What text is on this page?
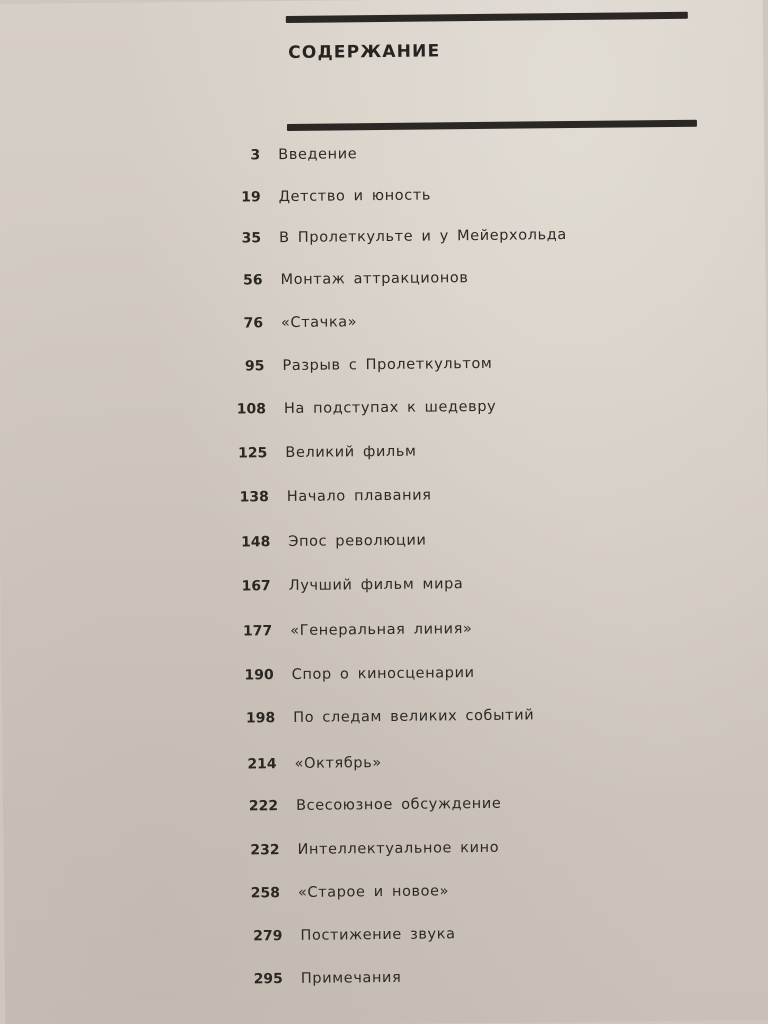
СОДЕРЖАНИЕ
3 Введение
19 Детство и юность
35 В Пролеткульте и у Мейерхольда
56 Монтаж аттракционов
76 «Стачка»
95 Разрыв с Пролеткультом
108 На подступах к шедевру
125 Великий фильм
138 Начало плавания
148 Эпос революции
167 Лучший фильм мира
177 «Генеральная линия»
190 Спор о киносценарии
198 По следам великих событий
214 «Октябрь»
222 Всесоюзное обсуждение
232 Интеллектуальное кино
258 «Старое и новое»
279 Постижение звука
295 Примечания
